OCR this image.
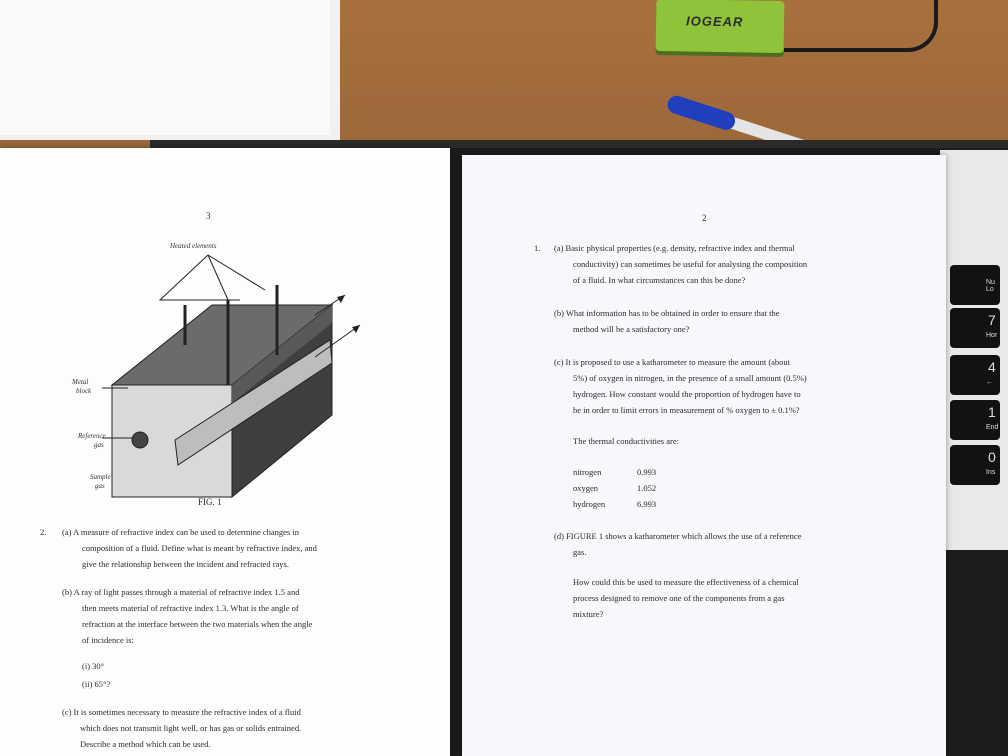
IOGEAR
Nu Lo
7
Hor
4
←
1
End
0
Ins
3
Heated elements
Metal
block
Reference
gas
Sample
gas
FIG. 1
2. (a) A measure of refractive index can be used to determine changes in
composition of a fluid. Define what is meant by refractive index, and
give the relationship between the incident and refracted rays.
(b) A ray of light passes through a material of refractive index 1.5 and
then meets material of refractive index 1.3. What is the angle of
refraction at the interface between the two materials when the angle
of incidence is:
(i) 30°
(ii) 65°?
(c) It is sometimes necessary to measure the refractive index of a fluid
which does not transmit light well, or has gas or solids entrained.
Describe a method which can be used.
2
1. (a) Basic physical properties (e.g. density, refractive index and thermal
conductivity) can sometimes be useful for analysing the composition
of a fluid. In what circumstances can this be done?
(b) What information has to be obtained in order to ensure that the
method will be a satisfactory one?
(c) It is proposed to use a katharometer to measure the amount (about
5%) of oxygen in nitrogen, in the presence of a small amount (0.5%)
hydrogen. How constant would the proportion of hydrogen have to
be in order to limit errors in measurement of % oxygen to ± 0.1%?
The thermal conductivities are:
nitrogen	0.993
oxygen	1.052
hydrogen	6.993
(d) FIGURE 1 shows a katharometer which allows the use of a reference
gas.
How could this be used to measure the effectiveness of a chemical
process designed to remove one of the components from a gas
mixture?
